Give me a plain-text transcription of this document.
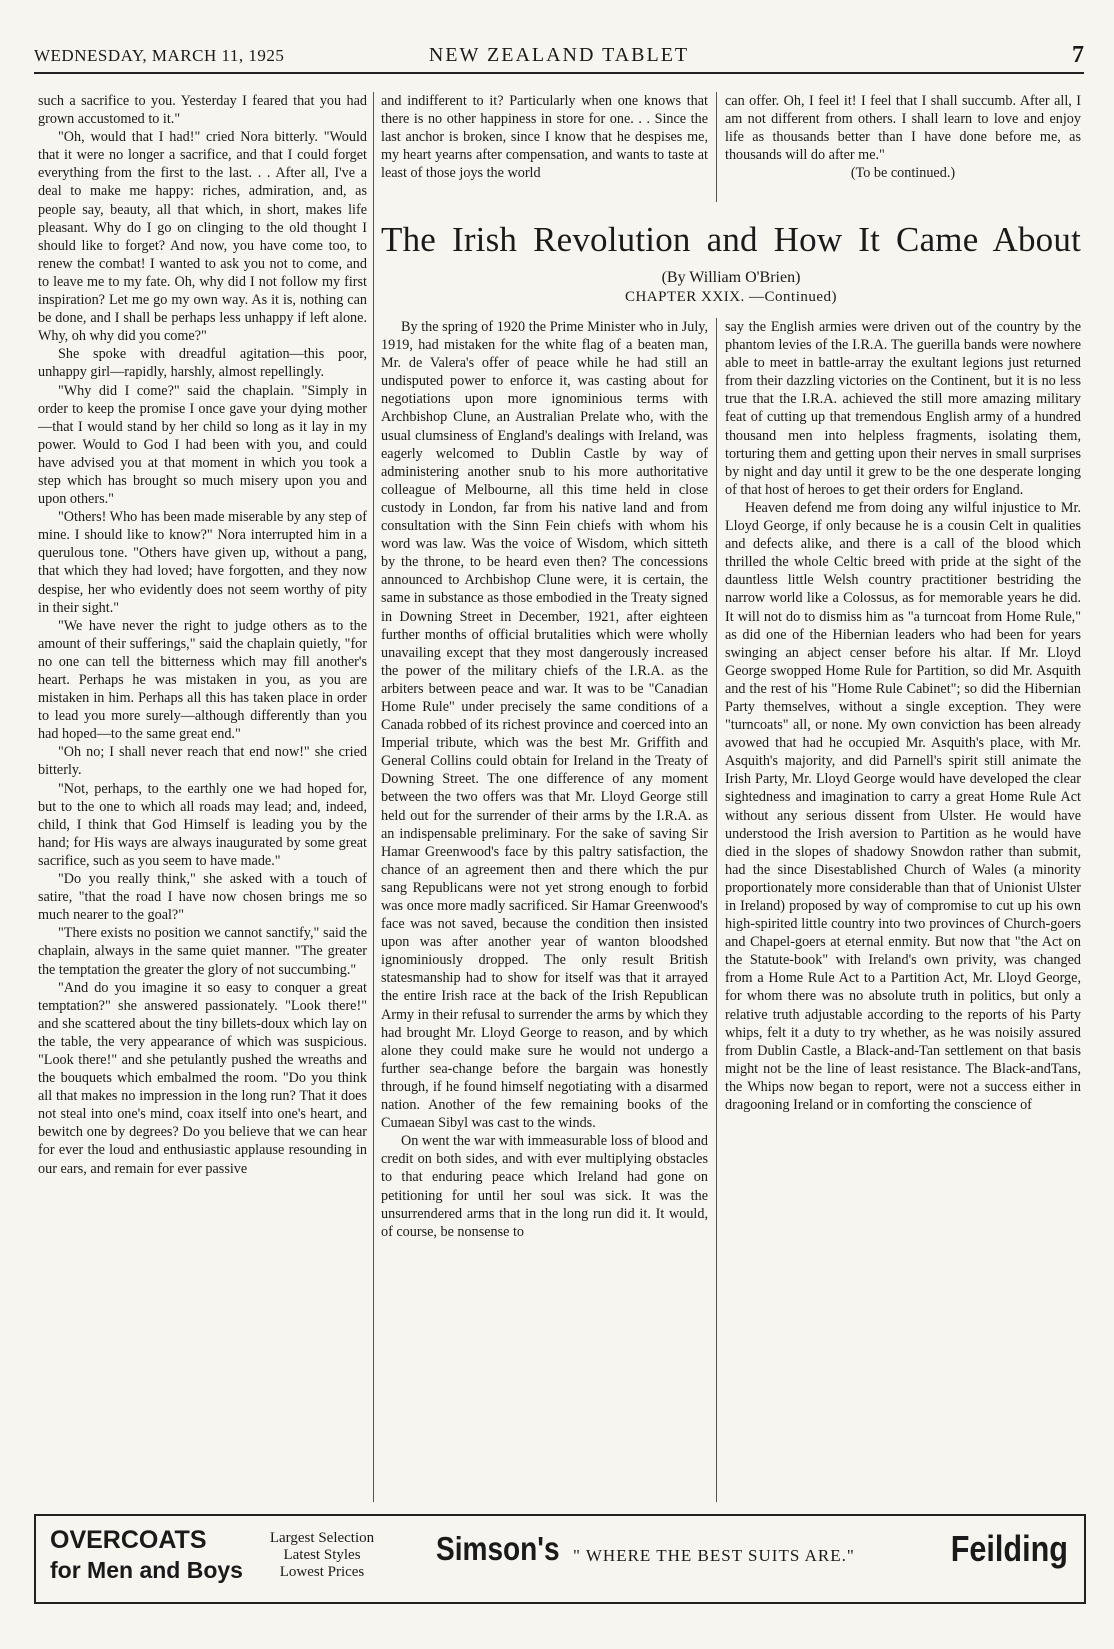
WEDNESDAY, MARCH 11, 1925	NEW ZEALAND TABLET	7

such a sacrifice to you. Yesterday I feared that you had grown accustomed to it."

"Oh, would that I had!" cried Nora bitterly. "Would that it were no longer a sacrifice, and that I could forget everything from the first to the last. . . After all, I've a deal to make me happy: riches, admiration, and, as people say, beauty, all that which, in short, makes life pleasant. Why do I go on clinging to the old thought I should like to forget? And now, you have come too, to renew the combat! I wanted to ask you not to come, and to leave me to my fate. Oh, why did I not follow my first inspiration? Let me go my own way. As it is, nothing can be done, and I shall be perhaps less unhappy if left alone. Why, oh why did you come?"

She spoke with dreadful agitation—this poor, unhappy girl—rapidly, harshly, almost repellingly.

"Why did I come?" said the chaplain. "Simply in order to keep the promise I once gave your dying mother—that I would stand by her child so long as it lay in my power. Would to God I had been with you, and could have advised you at that moment in which you took a step which has brought so much misery upon you and upon others."

"Others! Who has been made miserable by any step of mine. I should like to know?" Nora interrupted him in a querulous tone. "Others have given up, without a pang, that which they had loved; have forgotten, and they now despise, her who evidently does not seem worthy of pity in their sight."

"We have never the right to judge others as to the amount of their sufferings," said the chaplain quietly, "for no one can tell the bitterness which may fill another's heart. Perhaps he was mistaken in you, as you are mistaken in him. Perhaps all this has taken place in order to lead you more surely—although differently than you had hoped—to the same great end."

"Oh no; I shall never reach that end now!" she cried bitterly.

"Not, perhaps, to the earthly one we had hoped for, but to the one to which all roads may lead; and, indeed, child, I think that God Himself is leading you by the hand; for His ways are always inaugurated by some great sacrifice, such as you seem to have made."

"Do you really think," she asked with a touch of satire, "that the road I have now chosen brings me so much nearer to the goal?"

"There exists no position we cannot sanctify," said the chaplain, always in the same quiet manner. "The greater the temptation the greater the glory of not succumbing."

"And do you imagine it so easy to conquer a great temptation?" she answered passionately. "Look there!" and she scattered about the tiny billets-doux which lay on the table, the very appearance of which was suspicious. "Look there!" and she petulantly pushed the wreaths and the bouquets which embalmed the room. "Do you think all that makes no impression in the long run? That it does not steal into one's mind, coax itself into one's heart, and bewitch one by degrees? Do you believe that we can hear for ever the loud and enthusiastic applause resounding in our ears, and remain for ever passive

and indifferent to it? Particularly when one knows that there is no other happiness in store for one. . . Since the last anchor is broken, since I know that he despises me, my heart yearns after compensation, and wants to taste at least of those joys the world

can offer. Oh, I feel it! I feel that I shall succumb. After all, I am not different from others. I shall learn to love and enjoy life as thousands better than I have done before me, as thousands will do after me."

(To be continued.)

The Irish Revolution and How It Came About
(By William O'Brien)
CHAPTER XXIX. —Continued)

By the spring of 1920 the Prime Minister who in July, 1919, had mistaken for the white flag of a beaten man, Mr. de Valera's offer of peace while he had still an undisputed power to enforce it, was casting about for negotiations upon more ignominious terms with Archbishop Clune, an Australian Prelate who, with the usual clumsiness of England's dealings with Ireland, was eagerly welcomed to Dublin Castle by way of administering another snub to his more authoritative colleague of Melbourne, all this time held in close custody in London, far from his native land and from consultation with the Sinn Fein chiefs with whom his word was law. Was the voice of Wisdom, which sitteth by the throne, to be heard even then? The concessions announced to Archbishop Clune were, it is certain, the same in substance as those embodied in the Treaty signed in Downing Street in December, 1921, after eighteen further months of official brutalities which were wholly unavailing except that they most dangerously increased the power of the military chiefs of the I.R.A. as the arbiters between peace and war. It was to be "Canadian Home Rule" under precisely the same conditions of a Canada robbed of its richest province and coerced into an Imperial tribute, which was the best Mr. Griffith and General Collins could obtain for Ireland in the Treaty of Downing Street. The one difference of any moment between the two offers was that Mr. Lloyd George still held out for the surrender of their arms by the I.R.A. as an indispensable preliminary. For the sake of saving Sir Hamar Greenwood's face by this paltry satisfaction, the chance of an agreement then and there which the pur sang Republicans were not yet strong enough to forbid was once more madly sacrificed. Sir Hamar Greenwood's face was not saved, because the condition then insisted upon was after another year of wanton bloodshed ignominiously dropped. The only result British statesmanship had to show for itself was that it arrayed the entire Irish race at the back of the Irish Republican Army in their refusal to surrender the arms by which they had brought Mr. Lloyd George to reason, and by which alone they could make sure he would not undergo a further sea-change before the bargain was honestly through, if he found himself negotiating with a disarmed nation. Another of the few remaining books of the Cumaean Sibyl was cast to the winds.

On went the war with immeasurable loss of blood and credit on both sides, and with ever multiplying obstacles to that enduring peace which Ireland had gone on petitioning for until her soul was sick. It was the unsurrendered arms that in the long run did it. It would, of course, be nonsense to

say the English armies were driven out of the country by the phantom levies of the I.R.A. The guerilla bands were nowhere able to meet in battle-array the exultant legions just returned from their dazzling victories on the Continent, but it is no less true that the I.R.A. achieved the still more amazing military feat of cutting up that tremendous English army of a hundred thousand men into helpless fragments, isolating them, torturing them and getting upon their nerves in small surprises by night and day until it grew to be the one desperate longing of that host of heroes to get their orders for England.

Heaven defend me from doing any wilful injustice to Mr. Lloyd George, if only because he is a cousin Celt in qualities and defects alike, and there is a call of the blood which thrilled the whole Celtic breed with pride at the sight of the dauntless little Welsh country practitioner bestriding the narrow world like a Colossus, as for memorable years he did. It will not do to dismiss him as "a turncoat from Home Rule," as did one of the Hibernian leaders who had been for years swinging an abject censer before his altar. If Mr. Lloyd George swopped Home Rule for Partition, so did Mr. Asquith and the rest of his "Home Rule Cabinet"; so did the Hibernian Party themselves, without a single exception. They were "turncoats" all, or none. My own conviction has been already avowed that had he occupied Mr. Asquith's place, with Mr. Asquith's majority, and did Parnell's spirit still animate the Irish Party, Mr. Lloyd George would have developed the clear sightedness and imagination to carry a great Home Rule Act without any serious dissent from Ulster. He would have understood the Irish aversion to Partition as he would have died in the slopes of shadowy Snowdon rather than submit, had the since Disestablished Church of Wales (a minority proportionately more considerable than that of Unionist Ulster in Ireland) proposed by way of compromise to cut up his own high-spirited little country into two provinces of Church-goers and Chapel-goers at eternal enmity. But now that "the Act on the Statute-book" with Ireland's own privity, was changed from a Home Rule Act to a Partition Act, Mr. Lloyd George, for whom there was no absolute truth in politics, but only a relative truth adjustable according to the reports of his Party whips, felt it a duty to try whether, as he was noisily assured from Dublin Castle, a Black-and-Tan settlement on that basis might not be the line of least resistance. The Black-andTans, the Whips now began to report, were not a success either in dragooning Ireland or in comforting the conscience of

OVERCOATS
for Men and Boys
Largest Selection
Latest Styles
Lowest Prices
Simson's " WHERE THE BEST SUITS ARE."	Feilding
